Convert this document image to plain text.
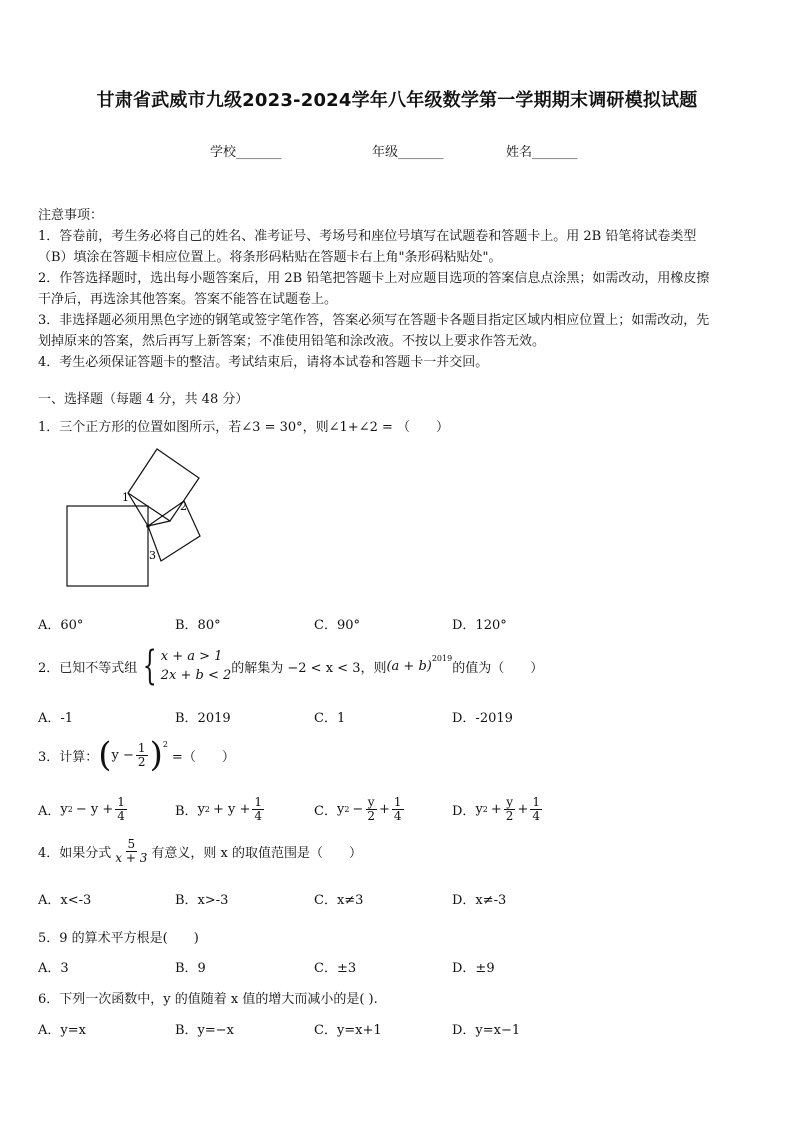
甘肃省武威市九级2023-2024学年八年级数学第一学期期末调研模拟试题
学校_______	年级_______	姓名_______
注意事项：
1．答卷前，考生务必将自己的姓名、准考证号、考场号和座位号填写在试题卷和答题卡上。用 2B 铅笔将试卷类型
（B）填涂在答题卡相应位置上。将条形码粘贴在答题卡右上角"条形码粘贴处"。
2．作答选择题时，选出每小题答案后，用 2B 铅笔把答题卡上对应题目选项的答案信息点涂黑；如需改动，用橡皮擦
干净后，再选涂其他答案。答案不能答在试题卷上。
3．非选择题必须用黑色字迹的钢笔或签字笔作答，答案必须写在答题卡各题目指定区域内相应位置上；如需改动，先
划掉原来的答案，然后再写上新答案；不准使用铅笔和涂改液。不按以上要求作答无效。
4．考生必须保证答题卡的整洁。考试结束后，请将本试卷和答题卡一并交回。
一、选择题（每题 4 分，共 48 分）
1．三个正方形的位置如图所示，若∠3 = 30°，则∠1+∠2 = （　　）
1
2
3
A．60°	B．80°	C．90°	D．120°
2．已知不等式组 { x + a > 1
2x + b < 2 的解集为 −2 < x < 3，则 $(a + b)^{2019}$
的值为（　　）
A．-1	B．2019	C．1	D．-2019
3．计算： ( $y - \frac{1}{2} )^2$
=（　　）
A． y $2 - y + \frac{1}{4}$	B． y $2 + y + \frac{1}{4}$	C． y $2 - \frac{y}{2} + \frac{1}{4}$	D． y $2 + \frac{y}{2} + \frac{1}{4}$
4．如果分式 $\frac{5}{x + 3}$ 有意义，则 x 的取值范围是（　　）
A．x<-3	B．x>-3	C．x≠3	D．x≠-3
5．9 的算术平方根是(　　)
A．3	B．9	C．±3	D．±9
6．下列一次函数中，y 的值随着 x 值的增大而减小的是( ).
A．y=x	B．y=−x	C．y=x+1	D．y=x−1
